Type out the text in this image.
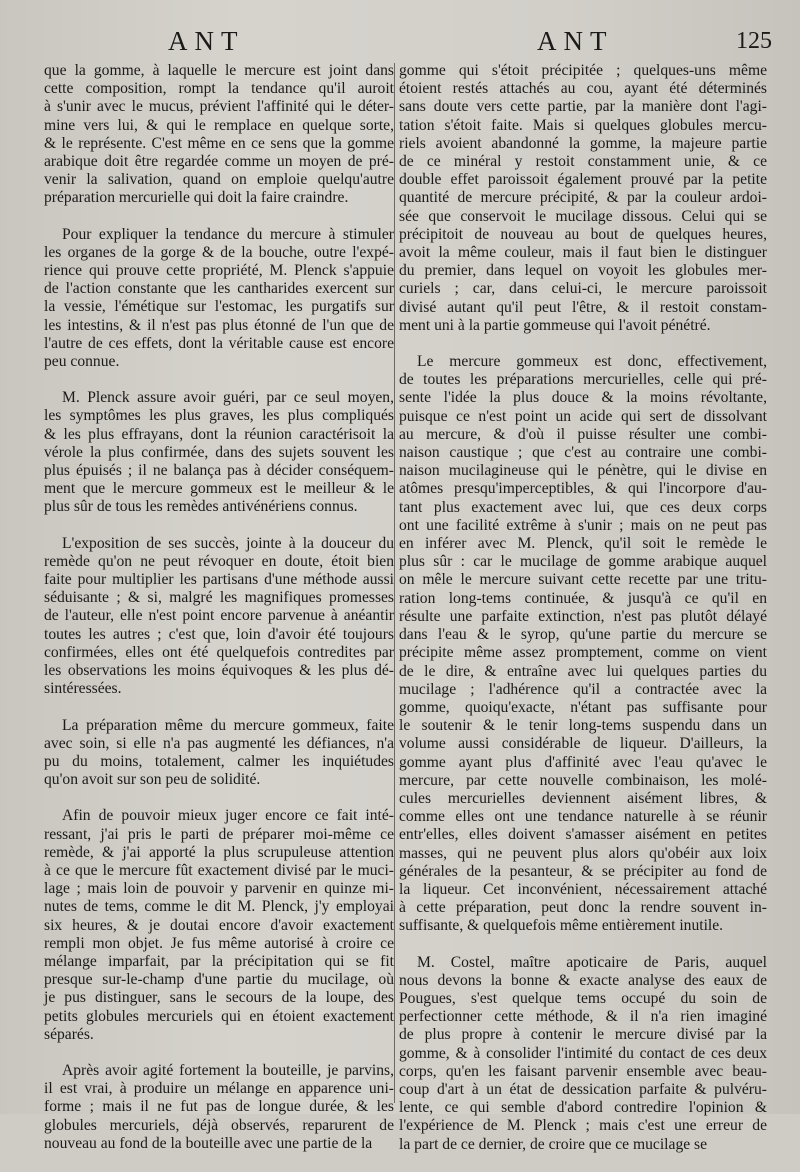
ANT	ANT	125
que la gomme, à laquelle le mercure est joint dans
cette composition, rompt la tendance qu'il auroit
à s'unir avec le mucus, prévient l'affinité qui le déter-
mine vers lui, & qui le remplace en quelque sorte,
& le représente. C'est même en ce sens que la gomme
arabique doit être regardée comme un moyen de pré-
venir la salivation, quand on emploie quelqu'autre
préparation mercurielle qui doit la faire craindre.
Pour expliquer la tendance du mercure à stimuler
les organes de la gorge & de la bouche, outre l'expé-
rience qui prouve cette propriété, M. Plenck s'appuie
de l'action constante que les cantharides exercent sur
la vessie, l'émétique sur l'estomac, les purgatifs sur
les intestins, & il n'est pas plus étonné de l'un que de
l'autre de ces effets, dont la véritable cause est encore
peu connue.
M. Plenck assure avoir guéri, par ce seul moyen,
les symptômes les plus graves, les plus compliqués
& les plus effrayans, dont la réunion caractérisoit la
vérole la plus confirmée, dans des sujets souvent les
plus épuisés ; il ne balança pas à décider conséquem-
ment que le mercure gommeux est le meilleur & le
plus sûr de tous les remèdes antivénériens connus.
L'exposition de ses succès, jointe à la douceur du
remède qu'on ne peut révoquer en doute, étoit bien
faite pour multiplier les partisans d'une méthode aussi
séduisante ; & si, malgré les magnifiques promesses
de l'auteur, elle n'est point encore parvenue à anéantir
toutes les autres ; c'est que, loin d'avoir été toujours
confirmées, elles ont été quelquefois contredites par
les observations les moins équivoques & les plus dé-
sintéressées.
La préparation même du mercure gommeux, faite
avec soin, si elle n'a pas augmenté les défiances, n'a
pu du moins, totalement, calmer les inquiétudes
qu'on avoit sur son peu de solidité.
Afin de pouvoir mieux juger encore ce fait inté-
ressant, j'ai pris le parti de préparer moi-même ce
remède, & j'ai apporté la plus scrupuleuse attention
à ce que le mercure fût exactement divisé par le muci-
lage ; mais loin de pouvoir y parvenir en quinze mi-
nutes de tems, comme le dit M. Plenck, j'y employai
six heures, & je doutai encore d'avoir exactement
rempli mon objet. Je fus même autorisé à croire ce
mélange imparfait, par la précipitation qui se fit
presque sur-le-champ d'une partie du mucilage, où
je pus distinguer, sans le secours de la loupe, des
petits globules mercuriels qui en étoient exactement
séparés.
Après avoir agité fortement la bouteille, je parvins,
il est vrai, à produire un mélange en apparence uni-
forme ; mais il ne fut pas de longue durée, & les
globules mercuriels, déjà observés, reparurent de
nouveau au fond de la bouteille avec une partie de la
gomme qui s'étoit précipitée ; quelques-uns même
étoient restés attachés au cou, ayant été déterminés
sans doute vers cette partie, par la manière dont l'agi-
tation s'étoit faite. Mais si quelques globules mercu-
riels avoient abandonné la gomme, la majeure partie
de ce minéral y restoit constamment unie, & ce
double effet paroissoit également prouvé par la petite
quantité de mercure précipité, & par la couleur ardoi-
sée que conservoit le mucilage dissous. Celui qui se
précipitoit de nouveau au bout de quelques heures,
avoit la même couleur, mais il faut bien le distinguer
du premier, dans lequel on voyoit les globules mer-
curiels ; car, dans celui-ci, le mercure paroissoit
divisé autant qu'il peut l'être, & il restoit constam-
ment uni à la partie gommeuse qui l'avoit pénétré.
Le mercure gommeux est donc, effectivement,
de toutes les préparations mercurielles, celle qui pré-
sente l'idée la plus douce & la moins révoltante,
puisque ce n'est point un acide qui sert de dissolvant
au mercure, & d'où il puisse résulter une combi-
naison caustique ; que c'est au contraire une combi-
naison mucilagineuse qui le pénètre, qui le divise en
atômes presqu'imperceptibles, & qui l'incorpore d'au-
tant plus exactement avec lui, que ces deux corps
ont une facilité extrême à s'unir ; mais on ne peut pas
en inférer avec M. Plenck, qu'il soit le remède le
plus sûr : car le mucilage de gomme arabique auquel
on mêle le mercure suivant cette recette par une tritu-
ration long-tems continuée, & jusqu'à ce qu'il en
résulte une parfaite extinction, n'est pas plutôt délayé
dans l'eau & le syrop, qu'une partie du mercure se
précipite même assez promptement, comme on vient
de le dire, & entraîne avec lui quelques parties du
mucilage ; l'adhérence qu'il a contractée avec la
gomme, quoiqu'exacte, n'étant pas suffisante pour
le soutenir & le tenir long-tems suspendu dans un
volume aussi considérable de liqueur. D'ailleurs, la
gomme ayant plus d'affinité avec l'eau qu'avec le
mercure, par cette nouvelle combinaison, les molé-
cules mercurielles deviennent aisément libres, &
comme elles ont une tendance naturelle à se réunir
entr'elles, elles doivent s'amasser aisément en petites
masses, qui ne peuvent plus alors qu'obéir aux loix
générales de la pesanteur, & se précipiter au fond de
la liqueur. Cet inconvénient, nécessairement attaché
à cette préparation, peut donc la rendre souvent in-
suffisante, & quelquefois même entièrement inutile.
M. Costel, maître apoticaire de Paris, auquel
nous devons la bonne & exacte analyse des eaux de
Pougues, s'est quelque tems occupé du soin de
perfectionner cette méthode, & il n'a rien imaginé
de plus propre à contenir le mercure divisé par la
gomme, & à consolider l'intimité du contact de ces deux
corps, qu'en les faisant parvenir ensemble avec beau-
coup d'art à un état de dessication parfaite & pulvéru-
lente, ce qui semble d'abord contredire l'opinion &
l'expérience de M. Plenck ; mais c'est une erreur de
la part de ce dernier, de croire que ce mucilage se
